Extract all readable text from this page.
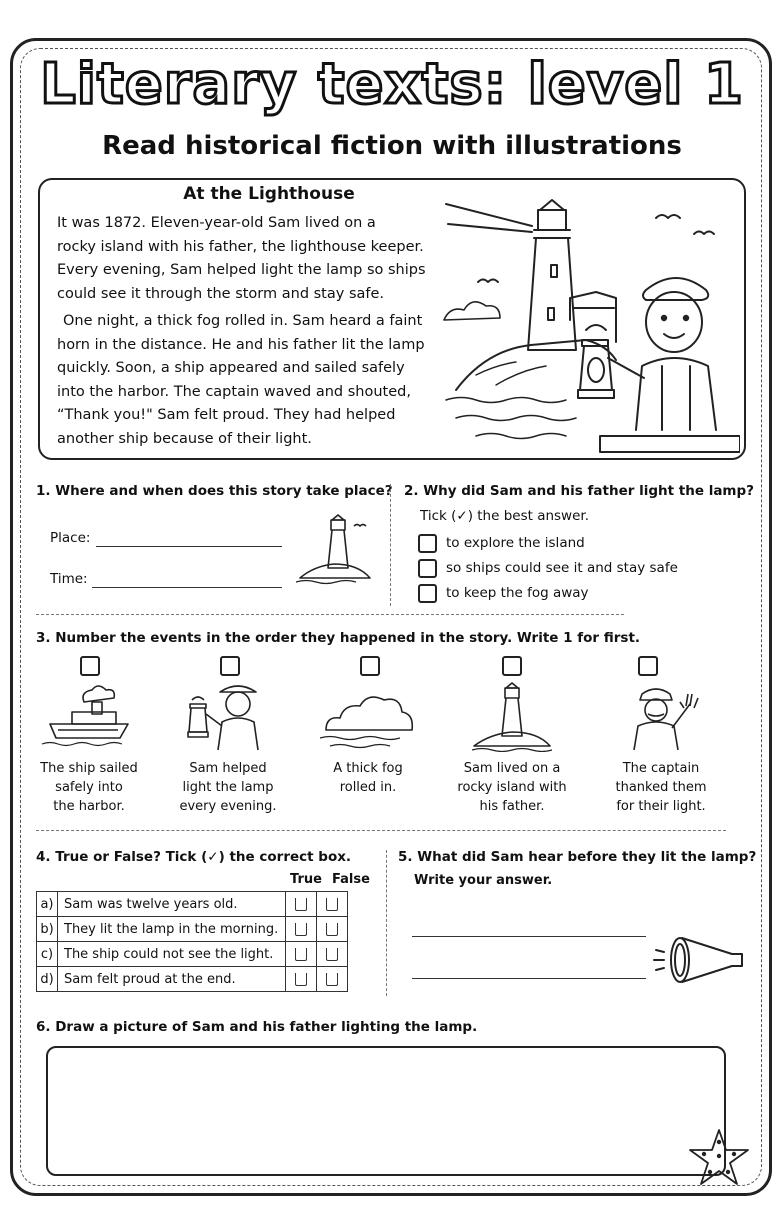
Literary texts: level 1
Read historical fiction with illustrations
At the Lighthouse
It was 1872. Eleven-year-old Sam lived on a
rocky island with his father, the lighthouse keeper.
Every evening, Sam helped light the lamp so ships
could see it through the storm and stay safe.
One night, a thick fog rolled in. Sam heard a faint
horn in the distance. He and his father lit the lamp
quickly. Soon, a ship appeared and sailed safely
into the harbor. The captain waved and shouted,
“Thank you!" Sam felt proud. They had helped
another ship because of their light.
1. Where and when does this story take place?
Place:
Time:
2. Why did Sam and his father light the lamp?
Tick (✓) the best answer.
to explore the island
so ships could see it and stay safe
to keep the fog away
3. Number the events in the order they happened in the story. Write 1 for first.
The ship sailed
safely into
the harbor.
Sam helped
light the lamp
every evening.
A thick fog
rolled in.
Sam lived on a
rocky island with
his father.
The captain
thanked them
for their light.
4. True or False? Tick (✓) the correct box.
True False
a)	Sam was twelve years old.		
b)	They lit the lamp in the morning.		
c)	The ship could not see the light.		
d)	Sam felt proud at the end.		
5. What did Sam hear before they lit the lamp?
Write your answer.
6. Draw a picture of Sam and his father lighting the lamp.
